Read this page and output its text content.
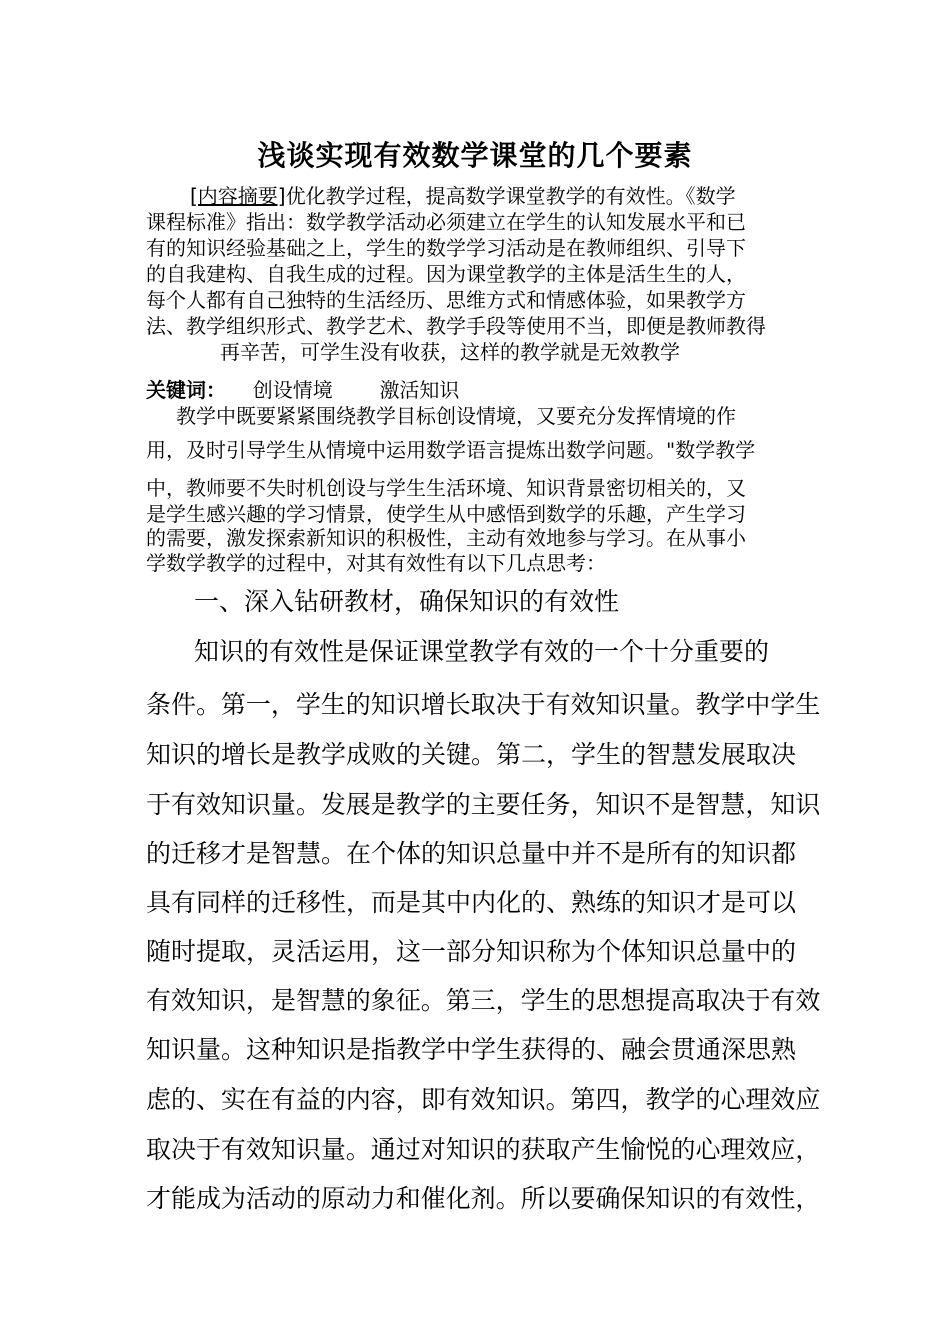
浅谈实现有效数学课堂的几个要素

[内容摘要]优化教学过程，提高数学课堂教学的有效性。《数学

课程标准》指出：数学教学活动必须建立在学生的认知发展水平和已

有的知识经验基础之上，学生的数学学习活动是在教师组织、引导下

的自我建构、自我生成的过程。因为课堂教学的主体是活生生的人，

每个人都有自己独特的生活经历、思维方式和情感体验，如果教学方

法、教学组织形式、教学艺术、教学手段等使用不当，即便是教师教得

再辛苦，可学生没有收获，这样的教学就是无效教学

关键词： 创设情境 激活知识

教学中既要紧紧围绕教学目标创设情境，又要充分发挥情境的作

用，及时引导学生从情境中运用数学语言提炼出数学问题。"数学教学

中，教师要不失时机创设与学生生活环境、知识背景密切相关的，又

是学生感兴趣的学习情景，使学生从中感悟到数学的乐趣，产生学习

的需要，激发探索新知识的积极性，主动有效地参与学习。在从事小

学数学教学的过程中，对其有效性有以下几点思考：

一、深入钻研教材，确保知识的有效性

知识的有效性是保证课堂教学有效的一个十分重要的

条件。第一，学生的知识增长取决于有效知识量。教学中学生

知识的增长是教学成败的关键。第二，学生的智慧发展取决

于有效知识量。发展是教学的主要任务，知识不是智慧，知识

的迁移才是智慧。在个体的知识总量中并不是所有的知识都

具有同样的迁移性，而是其中内化的、熟练的知识才是可以

随时提取，灵活运用，这一部分知识称为个体知识总量中的

有效知识，是智慧的象征。第三，学生的思想提高取决于有效

知识量。这种知识是指教学中学生获得的、融会贯通深思熟

虑的、实在有益的内容，即有效知识。第四，教学的心理效应

取决于有效知识量。通过对知识的获取产生愉悦的心理效应，

才能成为活动的原动力和催化剂。所以要确保知识的有效性，
